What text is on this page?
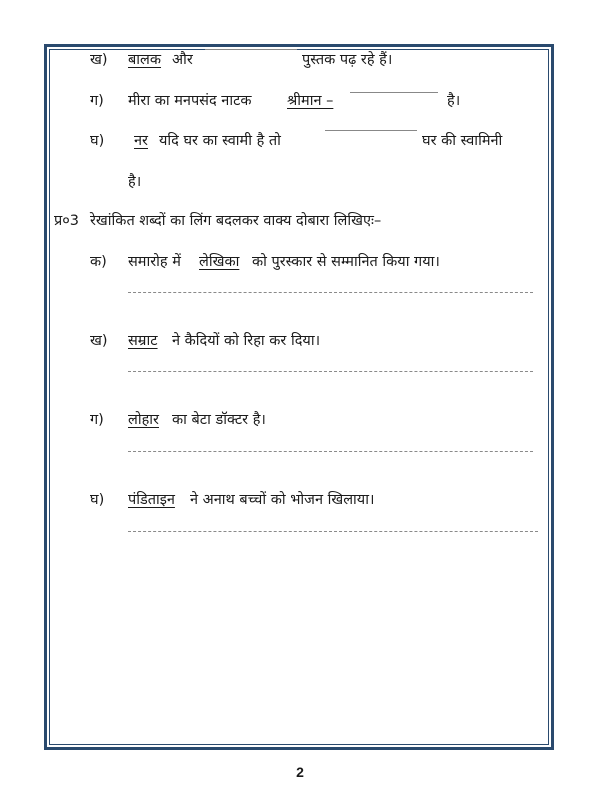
ख) बालक और	पुस्तक पढ़ रहे हैं।
ग) मीरा का मनपसंद नाटक श्रीमान –	है।
घ) नर यदि घर का स्वामी है तो	घर की स्वामिनी
है।
प्र०3 रेखांकित शब्दों का लिंग बदलकर वाक्य दोबारा लिखिएः–
क) समारोह में लेखिका को पुरस्कार से सम्मानित किया गया।
ख) सम्राट ने कैदियों को रिहा कर दिया।
ग) लोहार का बेटा डॉक्टर है।
घ) पंडिताइन ने अनाथ बच्चों को भोजन खिलाया।
2
